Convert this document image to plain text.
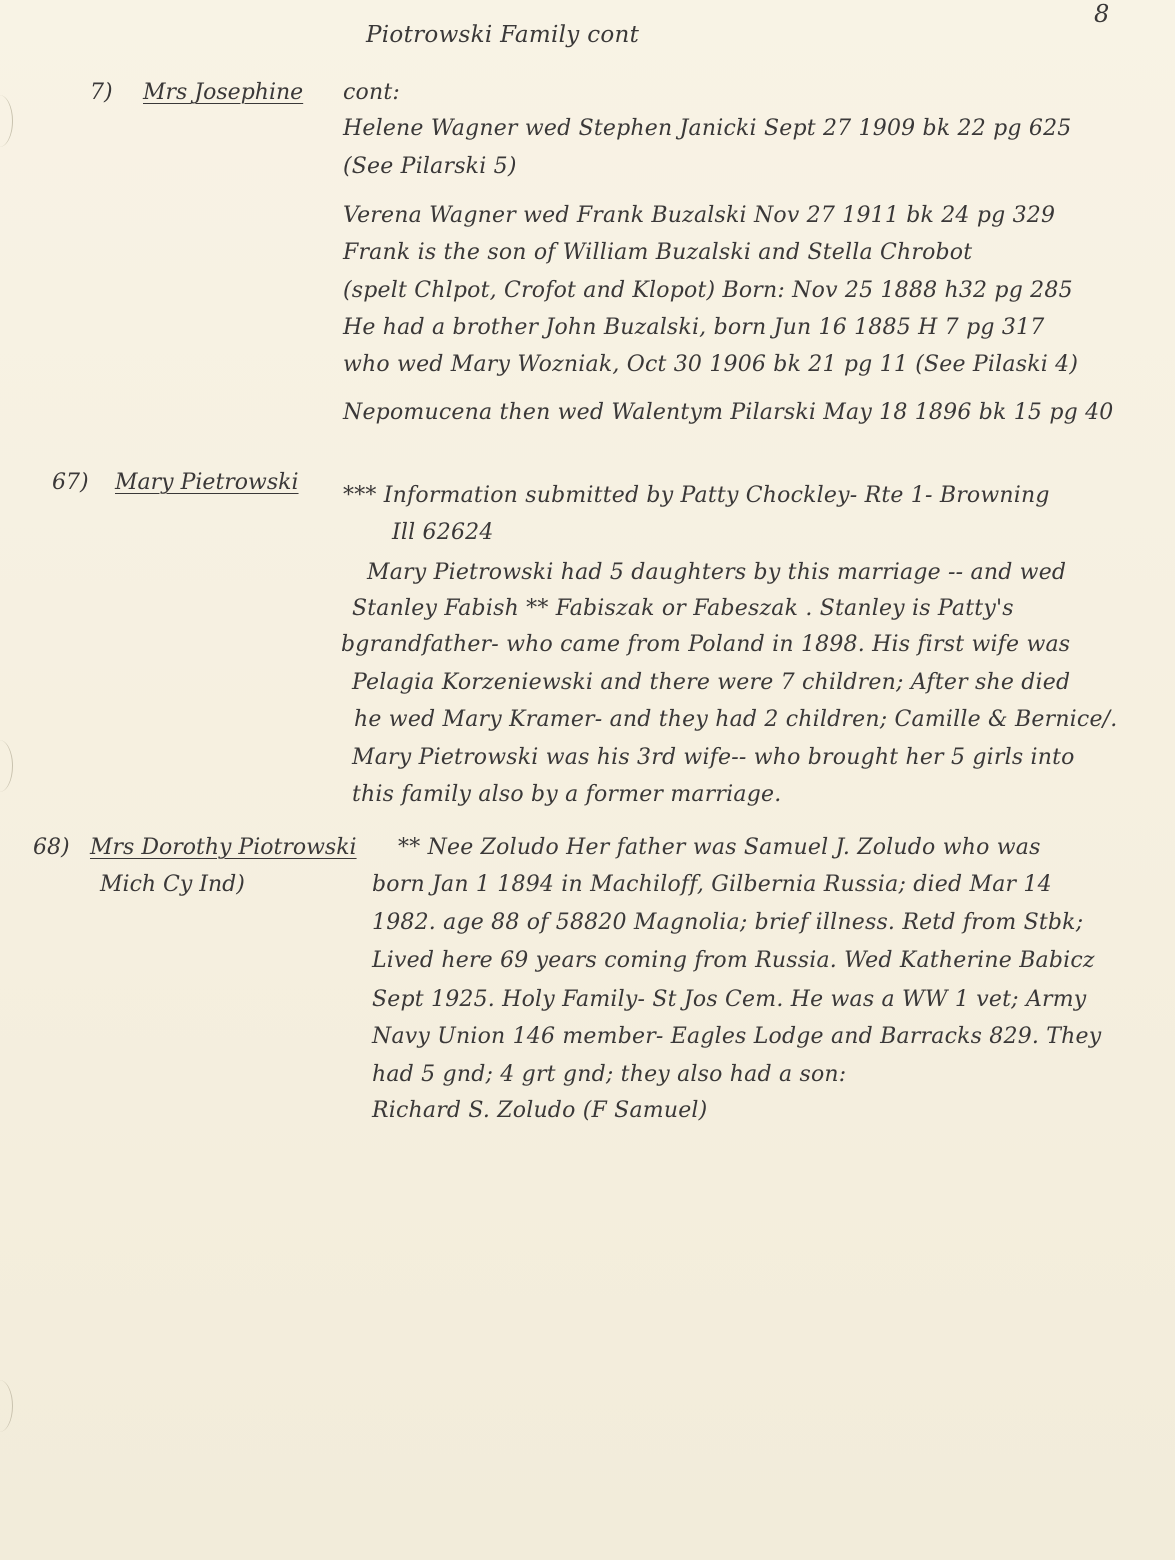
Piotrowski Family cont
8
7) Mrs Josephine cont:
Helene Wagner wed Stephen Janicki Sept 27 1909 bk 22 pg 625
(See Pilarski 5)
Verena Wagner wed Frank Buzalski Nov 27 1911 bk 24 pg 329
Frank is the son of William Buzalski and Stella Chrobot
(spelt Chlpot, Crofot and Klopot) Born: Nov 25 1888 h32 pg 285
He had a brother John Buzalski, born Jun 16 1885 H 7 pg 317
who wed Mary Wozniak, Oct 30 1906 bk 21 pg 11 (See Pilaski 4)
Nepomucena then wed Walentym Pilarski May 18 1896 bk 15 pg 40
67) Mary Pietrowski
*** Information submitted by Patty Chockley- Rte 1- Browning
Ill 62624
Mary Pietrowski had 5 daughters by this marriage -- and wed
Stanley Fabish ** Fabiszak or Fabeszak . Stanley is Patty's
bgrandfather- who came from Poland in 1898. His first wife was
Pelagia Korzeniewski and there were 7 children; After she died
he wed Mary Kramer- and they had 2 children; Camille & Bernice/.
Mary Pietrowski was his 3rd wife-- who brought her 5 girls into
this family also by a former marriage.
68) Mrs Dorothy Piotrowski
Mich Cy Ind)
** Nee Zoludo Her father was Samuel J. Zoludo who was
born Jan 1 1894 in Machiloff, Gilbernia Russia; died Mar 14
1982. age 88 of 58820 Magnolia; brief illness. Retd from Stbk;
Lived here 69 years coming from Russia. Wed Katherine Babicz
Sept 1925. Holy Family- St Jos Cem. He was a WW 1 vet; Army
Navy Union 146 member- Eagles Lodge and Barracks 829. They
had 5 gnd; 4 grt gnd; they also had a son:
Richard S. Zoludo (F Samuel)
